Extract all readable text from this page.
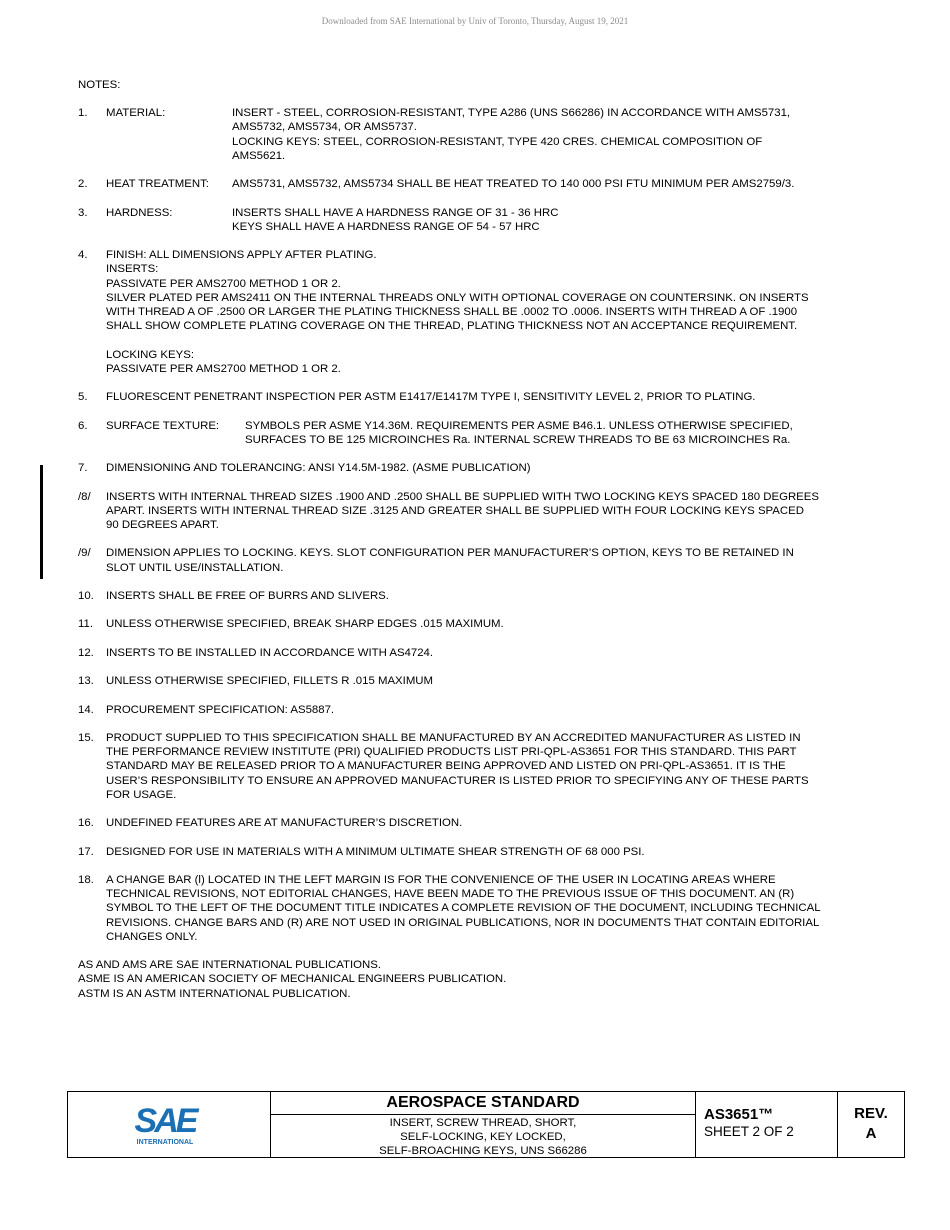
Downloaded from SAE International by Univ of Toronto, Thursday, August 19, 2021

NOTES:

1.	MATERIAL:	INSERT - STEEL, CORROSION-RESISTANT, TYPE A286 (UNS S66286) IN ACCORDANCE WITH AMS5731,
AMS5732, AMS5734, OR AMS5737.
LOCKING KEYS: STEEL, CORROSION-RESISTANT, TYPE 420 CRES. CHEMICAL COMPOSITION OF
AMS5621.
2.	HEAT TREATMENT:	AMS5731, AMS5732, AMS5734 SHALL BE HEAT TREATED TO 140 000 PSI FTU MINIMUM PER AMS2759/3.
3.	HARDNESS:	INSERTS SHALL HAVE A HARDNESS RANGE OF 31 - 36 HRC
KEYS SHALL HAVE A HARDNESS RANGE OF 54 - 57 HRC
4.	FINISH: ALL DIMENSIONS APPLY AFTER PLATING.
INSERTS:
PASSIVATE PER AMS2700 METHOD 1 OR 2.
SILVER PLATED PER AMS2411 ON THE INTERNAL THREADS ONLY WITH OPTIONAL COVERAGE ON COUNTERSINK. ON INSERTS
WITH THREAD A OF .2500 OR LARGER THE PLATING THICKNESS SHALL BE .0002 TO .0006. INSERTS WITH THREAD A OF .1900
SHALL SHOW COMPLETE PLATING COVERAGE ON THE THREAD, PLATING THICKNESS NOT AN ACCEPTANCE REQUIREMENT.
LOCKING KEYS:
PASSIVATE PER AMS2700 METHOD 1 OR 2.
5.	FLUORESCENT PENETRANT INSPECTION PER ASTM E1417/E1417M TYPE I, SENSITIVITY LEVEL 2, PRIOR TO PLATING.
6.	SURFACE TEXTURE:	SYMBOLS PER ASME Y14.36M. REQUIREMENTS PER ASME B46.1. UNLESS OTHERWISE SPECIFIED,
SURFACES TO BE 125 MICROINCHES Ra. INTERNAL SCREW THREADS TO BE 63 MICROINCHES Ra.
7.	DIMENSIONING AND TOLERANCING: ANSI Y14.5M-1982. (ASME PUBLICATION)
/8/	INSERTS WITH INTERNAL THREAD SIZES .1900 AND .2500 SHALL BE SUPPLIED WITH TWO LOCKING KEYS SPACED 180 DEGREES
APART. INSERTS WITH INTERNAL THREAD SIZE .3125 AND GREATER SHALL BE SUPPLIED WITH FOUR LOCKING KEYS SPACED
90 DEGREES APART.
/9/	DIMENSION APPLIES TO LOCKING. KEYS. SLOT CONFIGURATION PER MANUFACTURER’S OPTION, KEYS TO BE RETAINED IN
SLOT UNTIL USE/INSTALLATION.
10.	INSERTS SHALL BE FREE OF BURRS AND SLIVERS.
11.	UNLESS OTHERWISE SPECIFIED, BREAK SHARP EDGES .015 MAXIMUM.
12.	INSERTS TO BE INSTALLED IN ACCORDANCE WITH AS4724.
13.	UNLESS OTHERWISE SPECIFIED, FILLETS R .015 MAXIMUM
14.	PROCUREMENT SPECIFICATION: AS5887.
15.	PRODUCT SUPPLIED TO THIS SPECIFICATION SHALL BE MANUFACTURED BY AN ACCREDITED MANUFACTURER AS LISTED IN
THE PERFORMANCE REVIEW INSTITUTE (PRI) QUALIFIED PRODUCTS LIST PRI-QPL-AS3651 FOR THIS STANDARD. THIS PART
STANDARD MAY BE RELEASED PRIOR TO A MANUFACTURER BEING APPROVED AND LISTED ON PRI-QPL-AS3651. IT IS THE
USER’S RESPONSIBILITY TO ENSURE AN APPROVED MANUFACTURER IS LISTED PRIOR TO SPECIFYING ANY OF THESE PARTS
FOR USAGE.
16.	UNDEFINED FEATURES ARE AT MANUFACTURER’S DISCRETION.
17.	DESIGNED FOR USE IN MATERIALS WITH A MINIMUM ULTIMATE SHEAR STRENGTH OF 68 000 PSI.
18.	A CHANGE BAR (l) LOCATED IN THE LEFT MARGIN IS FOR THE CONVENIENCE OF THE USER IN LOCATING AREAS WHERE
TECHNICAL REVISIONS, NOT EDITORIAL CHANGES, HAVE BEEN MADE TO THE PREVIOUS ISSUE OF THIS DOCUMENT. AN (R)
SYMBOL TO THE LEFT OF THE DOCUMENT TITLE INDICATES A COMPLETE REVISION OF THE DOCUMENT, INCLUDING TECHNICAL
REVISIONS. CHANGE BARS AND (R) ARE NOT USED IN ORIGINAL PUBLICATIONS, NOR IN DOCUMENTS THAT CONTAIN EDITORIAL
CHANGES ONLY.

AS AND AMS ARE SAE INTERNATIONAL PUBLICATIONS.

ASME IS AN AMERICAN SOCIETY OF MECHANICAL ENGINEERS PUBLICATION.

ASTM IS AN ASTM INTERNATIONAL PUBLICATION.

SAE
INTERNATIONAL
AEROSPACE STANDARD
INSERT, SCREW THREAD, SHORT,
SELF-LOCKING, KEY LOCKED,
SELF-BROACHING KEYS, UNS S66286
AS3651™
SHEET 2 OF 2
REV.
A
